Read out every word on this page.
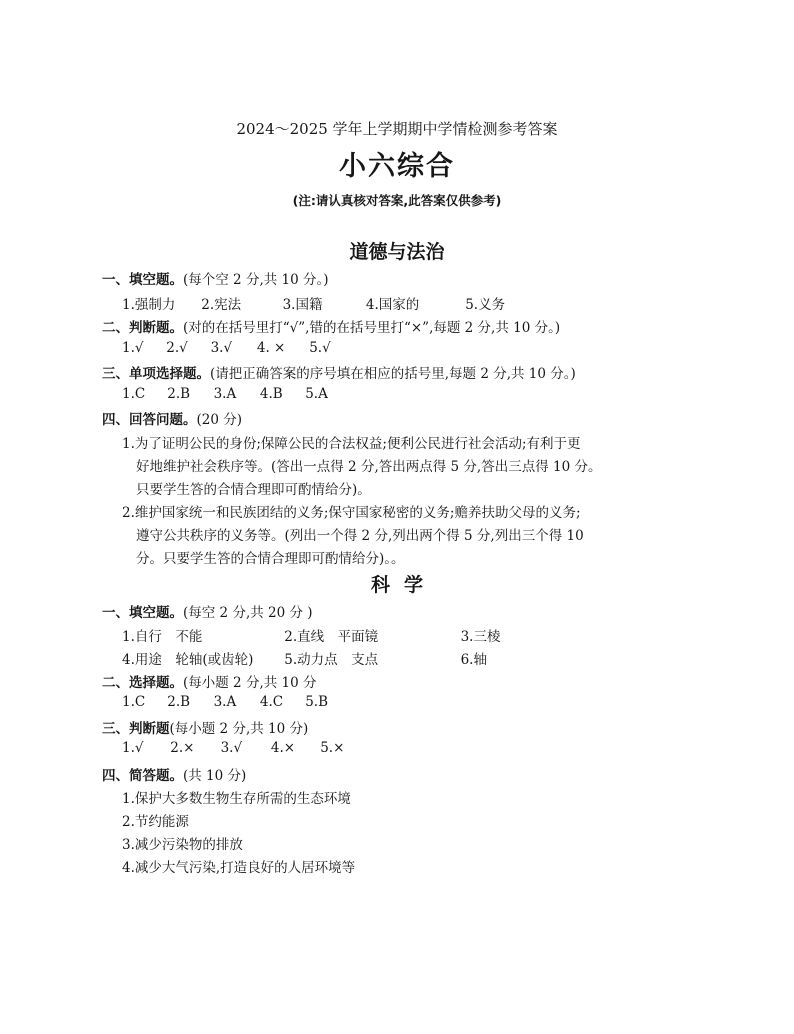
2024～2025 学年上学期期中学情检测参考答案
小六综合
(注:请认真核对答案,此答案仅供参考)
道德与法治
一、填空题。(每个空 2 分,共 10 分。)
1.强制力 2.宪法	3.国籍	4.国家的	5.义务
二、判断题。(对的在括号里打“√”,错的在括号里打“×”,每题 2 分,共 10 分。)
1.√ 2.√ 3.√ 4. × 5.√
三、单项选择题。(请把正确答案的序号填在相应的括号里,每题 2 分,共 10 分。)
1.C 2.B 3.A 4.B 5.A
四、回答问题。(20 分)
1.为了证明公民的身份;保障公民的合法权益;便利公民进行社会活动;有利于更
好地维护社会秩序等。(答出一点得 2 分,答出两点得 5 分,答出三点得 10 分。
只要学生答的合情合理即可酌情给分)。
2.维护国家统一和民族团结的义务;保守国家秘密的义务;赡养扶助父母的义务;
遵守公共秩序的义务等。(列出一个得 2 分,列出两个得 5 分,列出三个得 10
分。只要学生答的合情合理即可酌情给分)。。
科学
一、填空题。(每空 2 分,共 20 分 )
1.自行　不能	2.直线　平面镜	3.三棱
4.用途　轮轴(或齿轮) 5.动力点　支点	6.轴
二、选择题。(每小题 2 分,共 10 分
1.C 2.B 3.A 4.C 5.B
三、判断题(每小题 2 分,共 10 分)
1.√ 2.× 3.√ 4.× 5.×
四、简答题。(共 10 分)
1.保护大多数生物生存所需的生态环境
2.节约能源
3.减少污染物的排放
4.减少大气污染,打造良好的人居环境等
